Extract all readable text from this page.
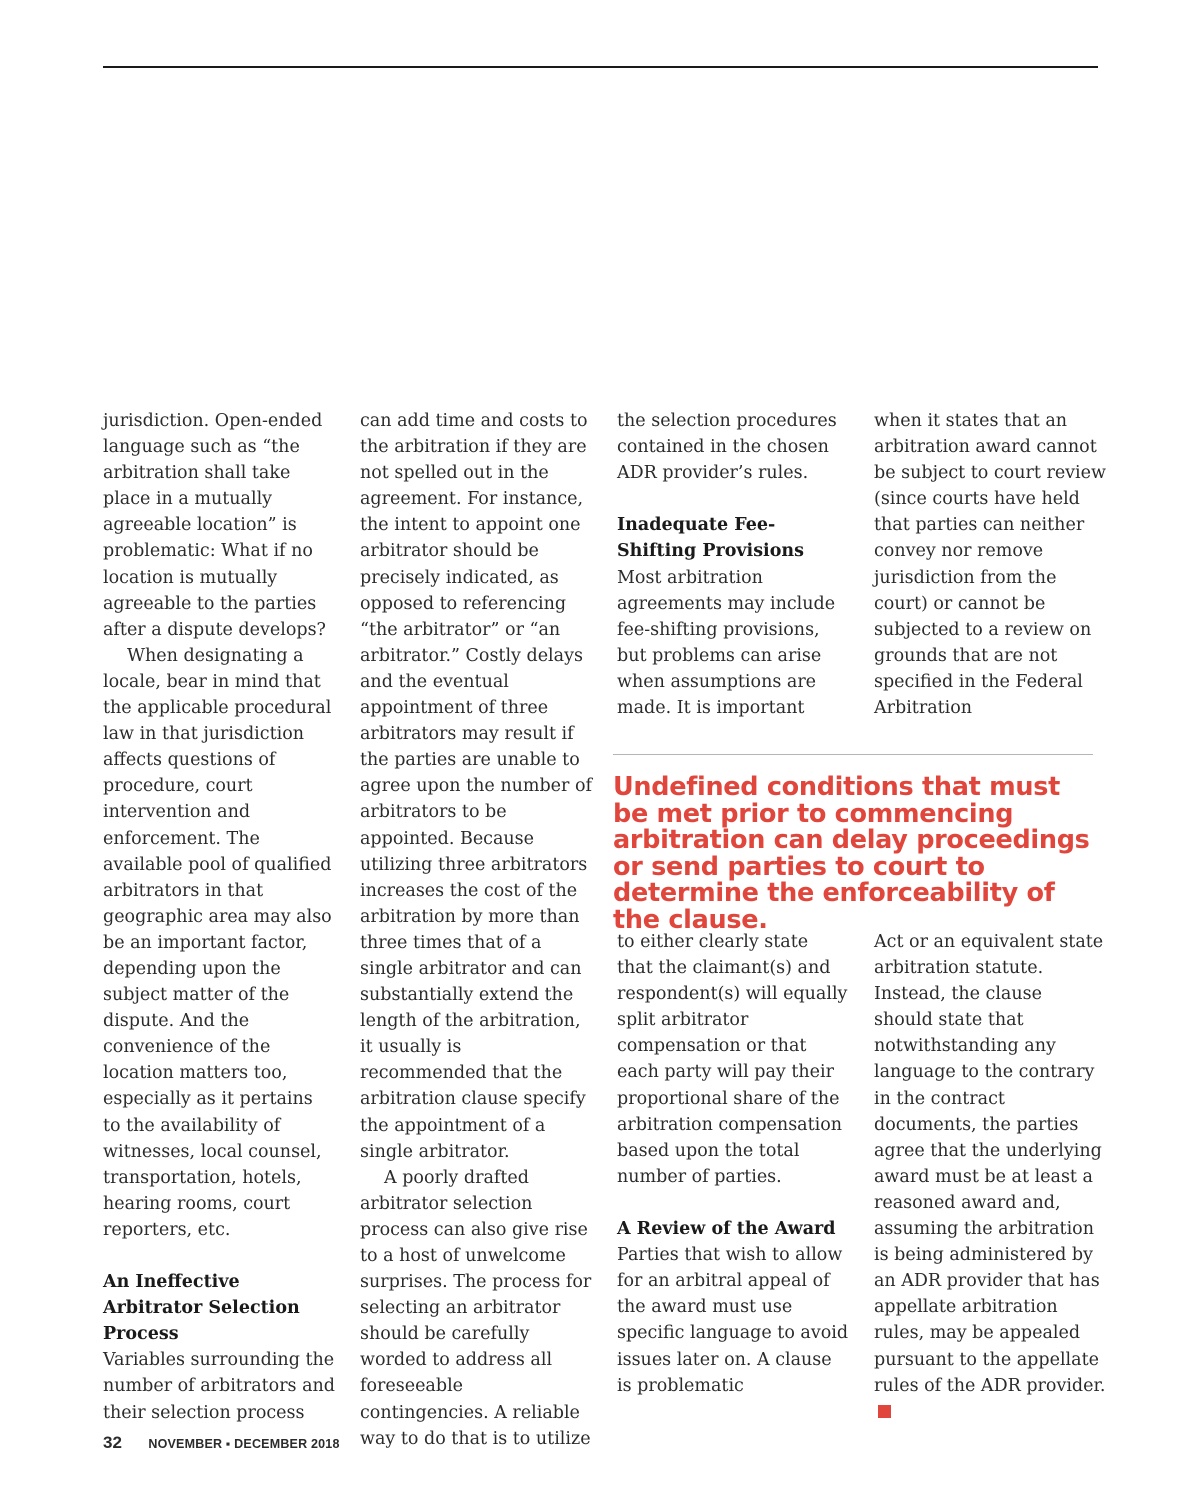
jurisdiction. Open-ended language such as “the arbitration shall take place in a mutually agreeable location” is problematic: What if no location is mutually agreeable to the parties after a dispute develops?

When designating a locale, bear in mind that the applicable procedural law in that jurisdiction affects questions of procedure, court intervention and enforcement. The available pool of qualified arbitrators in that geographic area may also be an important factor, depending upon the subject matter of the dispute. And the convenience of the location matters too, especially as it pertains to the availability of witnesses, local counsel, transportation, hotels, hearing rooms, court reporters, etc.

An Ineffective Arbitrator Selection Process

Variables surrounding the number of arbitrators and their selection process

can add time and costs to the arbitration if they are not spelled out in the agreement. For instance, the intent to appoint one arbitrator should be precisely indicated, as opposed to referencing “the arbitrator” or “an arbitrator.” Costly delays and the eventual appointment of three arbitrators may result if the parties are unable to agree upon the number of arbitrators to be appointed. Because utilizing three arbitrators increases the cost of the arbitration by more than three times that of a single arbitrator and can substantially extend the length of the arbitration, it usually is recommended that the arbitration clause specify the appointment of a single arbitrator.

A poorly drafted arbitrator selection process can also give rise to a host of unwelcome surprises. The process for selecting an arbitrator should be carefully worded to address all foreseeable contingencies. A reliable way to do that is to utilize

the selection procedures contained in the chosen ADR provider’s rules.

Inadequate Fee-Shifting Provisions

Most arbitration agreements may include fee-shifting provisions, but problems can arise when assumptions are made. It is important

when it states that an arbitration award cannot be subject to court review (since courts have held that parties can neither convey nor remove jurisdiction from the court) or cannot be subjected to a review on grounds that are not specified in the Federal Arbitration

Undefined conditions that must be met prior to commencing arbitration can delay proceedings or send parties to court to determine the enforceability of the clause.

to either clearly state that the claimant(s) and respondent(s) will equally split arbitrator compensation or that each party will pay their proportional share of the arbitration compensation based upon the total number of parties.

A Review of the Award

Parties that wish to allow for an arbitral appeal of the award must use specific language to avoid issues later on. A clause is problematic

Act or an equivalent state arbitration statute. Instead, the clause should state that notwithstanding any language to the contrary in the contract documents, the parties agree that the underlying award must be at least a reasoned award and, assuming the arbitration is being administered by an ADR provider that has appellate arbitration rules, may be appealed pursuant to the appellate rules of the ADR provider.

32 NOVEMBER ▪ DECEMBER 2018
